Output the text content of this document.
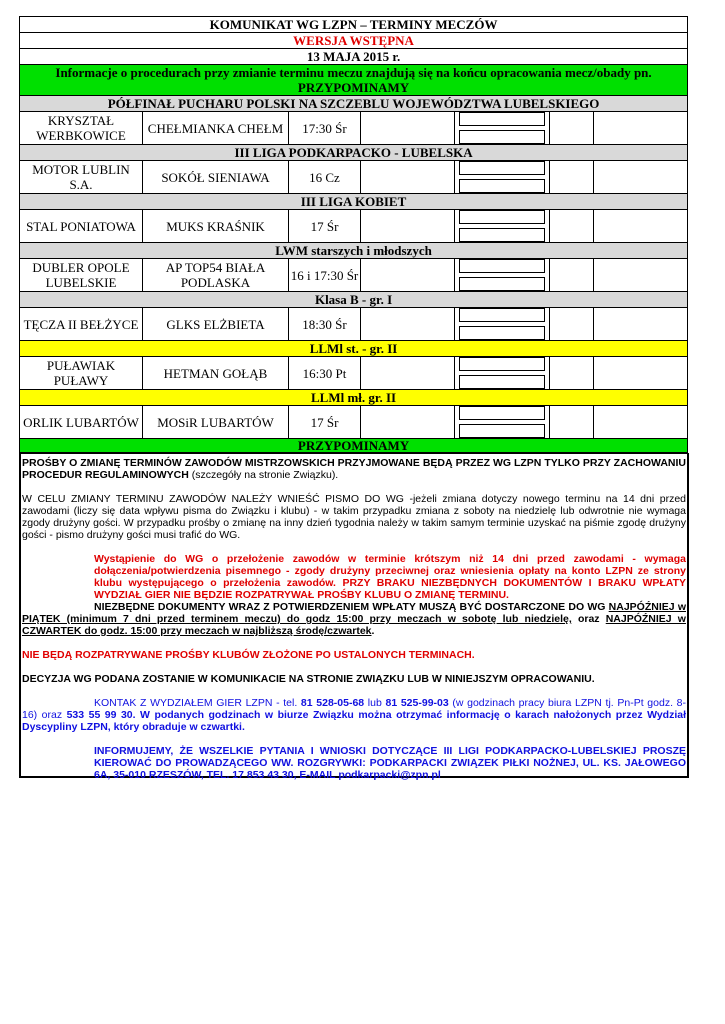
KOMUNIKAT WG LZPN – TERMINY MECZÓW						
WERSJA WSTĘPNA						
13 MAJA 2015 r.						
Informacje o procedurach przy zmianie terminu meczu znajdują się na końcu opracowania mecz/obady pn. PRZYPOMINAMY						
PÓŁFINAŁ PUCHARU POLSKI NA SZCZEBLU WOJEWÓDZTWA LUBELSKIEGO						
KRYSZTAŁ WERBKOWICE	CHEŁMIANKA CHEŁM	17:30 Śr		

III LIGA PODKARPACKO - LUBELSKA						
MOTOR LUBLIN S.A.	SOKÓŁ SIENIAWA	16 Cz		

III LIGA KOBIET						
STAL PONIATOWA	MUKS KRAŚNIK	17 Śr		

LWM starszych i młodszych						
DUBLER OPOLE LUBELSKIE	AP TOP54 BIAŁA PODLASKA	16 i 17:30 Śr		

Klasa B - gr. I						
TĘCZA II BEŁŻYCE	GLKS ELŻBIETA	18:30 Śr		

LLMl st. - gr. II						
PUŁAWIAK PUŁAWY	HETMAN GOŁĄB	16:30 Pt		

LLMl mł. gr. II						
ORLIK LUBARTÓW	MOSiR LUBARTÓW	17 Śr		

PRZYPOMINAMY						

PROŚBY O ZMIANĘ TERMINÓW ZAWODÓW MISTRZOWSKICH PRZYJMOWANE BĘDĄ PRZEZ WG LZPN TYLKO PRZY ZACHOWANIU PROCEDUR REGULAMINOWYCH (szczegóły na stronie Związku).

W CELU ZMIANY TERMINU ZAWODÓW NALEŻY WNIEŚĆ PISMO DO WG -jeżeli zmiana dotyczy nowego terminu na 14 dni przed zawodami (liczy się data wpływu pisma do Związku i klubu) - w takim przypadku zmiana z soboty na niedzielę lub odwrotnie nie wymaga zgody drużyny gości. W przypadku prośby o zmianę na inny dzień tygodnia należy w takim samym terminie uzyskać na piśmie zgodę drużyny gości - pismo drużyny gości musi trafić do WG.

Wystąpienie do WG o przełożenie zawodów w terminie krótszym niż 14 dni przed zawodami - wymaga dołączenia/potwierdzenia pisemnego - zgody drużyny przeciwnej oraz wniesienia opłaty na konto LZPN ze strony klubu występującego o przełożenia zawodów. PRZY BRAKU NIEZBĘDNYCH DOKUMENTÓW I BRAKU WPŁATY WYDZIAŁ GIER NIE BĘDZIE ROZPATRYWAŁ PROŚBY KLUBU O ZMIANĘ TERMINU.

NIEZBĘDNE DOKUMENTY WRAZ Z POTWIERDZENIEM WPŁATY MUSZĄ BYĆ DOSTARCZONE DO WG NAJPÓŹNIEJ w PIĄTEK (minimum 7 dni przed terminem meczu) do godz 15:00 przy meczach w sobotę lub niedzielę, oraz NAJPÓŹNIEJ w CZWARTEK do godz. 15:00 przy meczach w najbliższą środę/czwartek.

NIE BĘDĄ ROZPATRYWANE PROŚBY KLUBÓW ZŁOŻONE PO USTALONYCH TERMINACH.

DECYZJA WG PODANA ZOSTANIE W KOMUNIKACIE NA STRONIE ZWIĄZKU LUB W NINIEJSZYM OPRACOWANIU.

KONTAK Z WYDZIAŁEM GIER LZPN - tel. 81 528-05-68 lub 81 525-99-03 (w godzinach pracy biura LZPN tj. Pn-Pt godz. 8-16) oraz 533 55 99 30. W podanych godzinach w biurze Związku można otrzymać informację o karach nałożonych przez Wydział Dyscypliny LZPN, który obraduje w czwartki.

INFORMUJEMY, ŻE WSZELKIE PYTANIA I WNIOSKI DOTYCZĄCE III LIGI PODKARPACKO-LUBELSKIEJ PROSZĘ KIEROWAĆ DO PROWADZĄCEGO WW. ROZGRYWKI: PODKARPACKI ZWIĄZEK PIŁKI NOŻNEJ, UL. KS. JAŁOWEGO 6A, 35-010 RZESZÓW, TEL. 17 853 43 30, E-MAIL podkarpacki@zpn.pl
